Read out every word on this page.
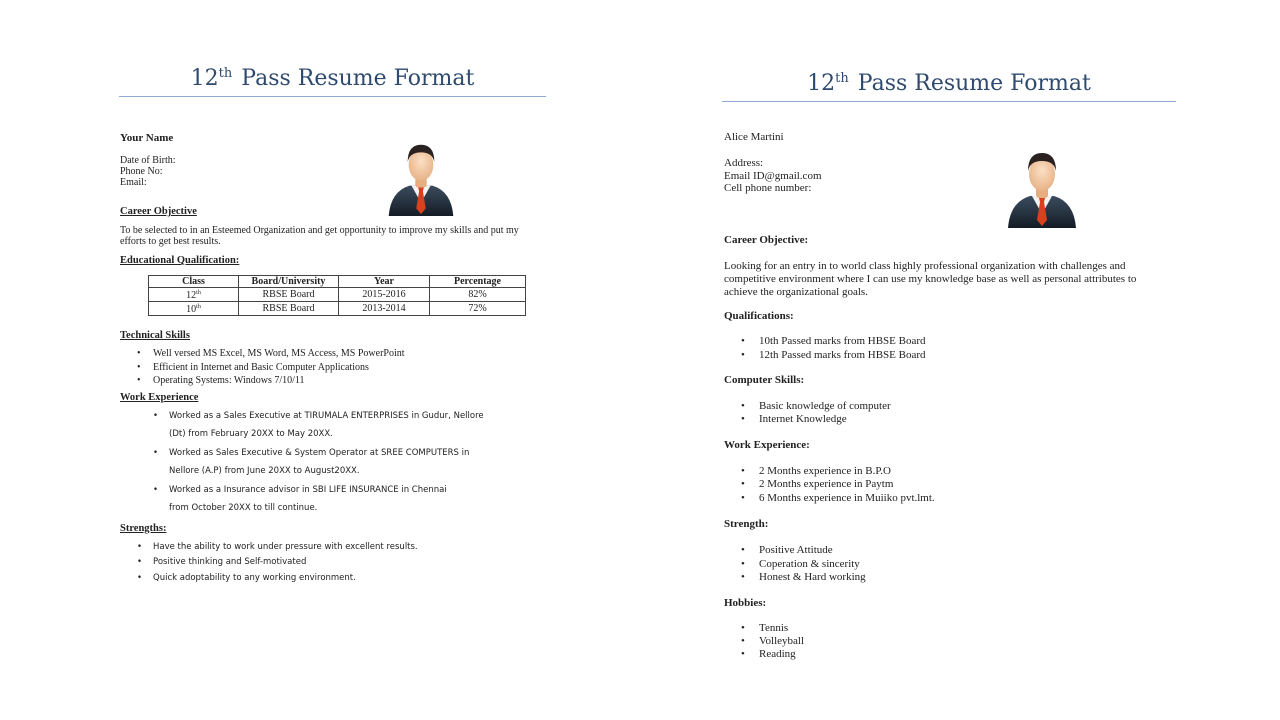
12th Pass Resume Format

Your Name

Date of Birth:

Phone No:

Email:

Career Objective

To be selected to in an Esteemed Organization and get opportunity to improve my skills and put my efforts to get best results.

Educational Qualification:

Class	Board/University	Year	Percentage
12th	RBSE Board	2015-2016	82%
10th	RBSE Board	2013-2014	72%

Technical Skills

• Well versed MS Excel, MS Word, MS Access, MS PowerPoint
• Efficient in Internet and Basic Computer Applications
• Operating Systems: Windows 7/10/11

Work Experience

• Worked as a Sales Executive at TIRUMALA ENTERPRISES in Gudur, Nellore (Dt) from February 20XX to May 20XX.
• Worked as Sales Executive & System Operator at SREE COMPUTERS in Nellore (A.P) from June 20XX to August20XX.
• Worked as a Insurance advisor in SBI LIFE INSURANCE in Chennai from October 20XX to till continue.

Strengths:

• Have the ability to work under pressure with excellent results.
• Positive thinking and Self-motivated
• Quick adoptability to any working environment.
12th Pass Resume Format

Alice Martini

Address:

Email ID@gmail.com

Cell phone number:

Career Objective:

Looking for an entry in to world class highly professional organization with challenges and competitive environment where I can use my knowledge base as well as personal attributes to achieve the organizational goals.

Qualifications:

• 10th Passed marks from HBSE Board
• 12th Passed marks from HBSE Board

Computer Skills:

• Basic knowledge of computer
• Internet Knowledge

Work Experience:

• 2 Months experience in B.P.O
• 2 Months experience in Paytm
• 6 Months experience in Muiiko pvt.lmt.

Strength:

• Positive Attitude
• Coperation & sincerity
• Honest & Hard working

Hobbies:

• Tennis
• Volleyball
• Reading
